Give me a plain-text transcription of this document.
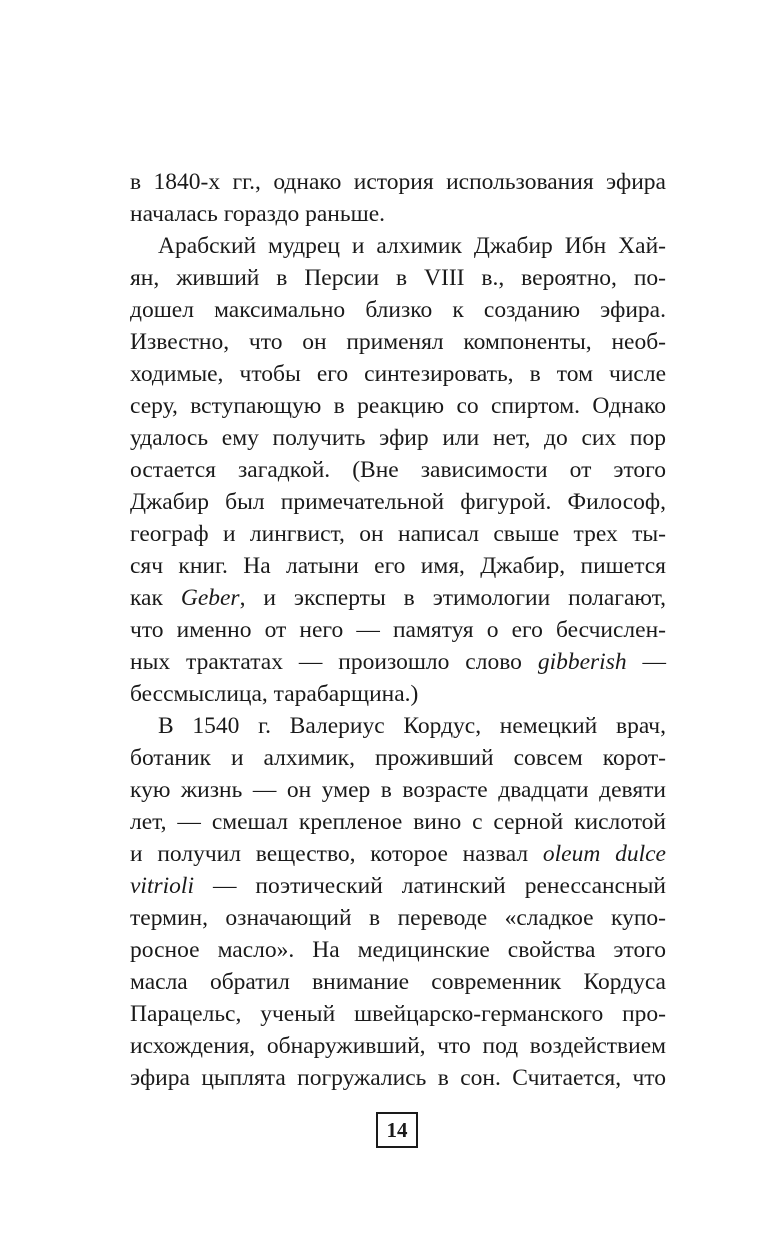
в 1840-х гг., однако история использования эфира
началась гораздо раньше.
Арабский мудрец и алхимик Джабир Ибн Хай-
ян, живший в Персии в VIII в., вероятно, по-
дошел максимально близко к созданию эфира.
Известно, что он применял компоненты, необ-
ходимые, чтобы его синтезировать, в том числе
серу, вступающую в реакцию со спиртом. Однако
удалось ему получить эфир или нет, до сих пор
остается загадкой. (Вне зависимости от этого
Джабир был примечательной фигурой. Философ,
географ и лингвист, он написал свыше трех ты-
сяч книг. На латыни его имя, Джабир, пишется
как Geber, и эксперты в этимологии полагают,
что именно от него — памятуя о его бесчислен-
ных трактатах — произошло слово gibberish —
бессмыслица, тарабарщина.)
В 1540 г. Валериус Кордус, немецкий врач,
ботаник и алхимик, проживший совсем корот-
кую жизнь — он умер в возрасте двадцати девяти
лет, — смешал крепленое вино с серной кислотой
и получил вещество, которое назвал oleum dulce
vitrioli — поэтический латинский ренессансный
термин, означающий в переводе «сладкое купо-
росное масло». На медицинские свойства этого
масла обратил внимание современник Кордуса
Парацельс, ученый швейцарско-германского про-
исхождения, обнаруживший, что под воздействием
эфира цыплята погружались в сон. Считается, что
14
